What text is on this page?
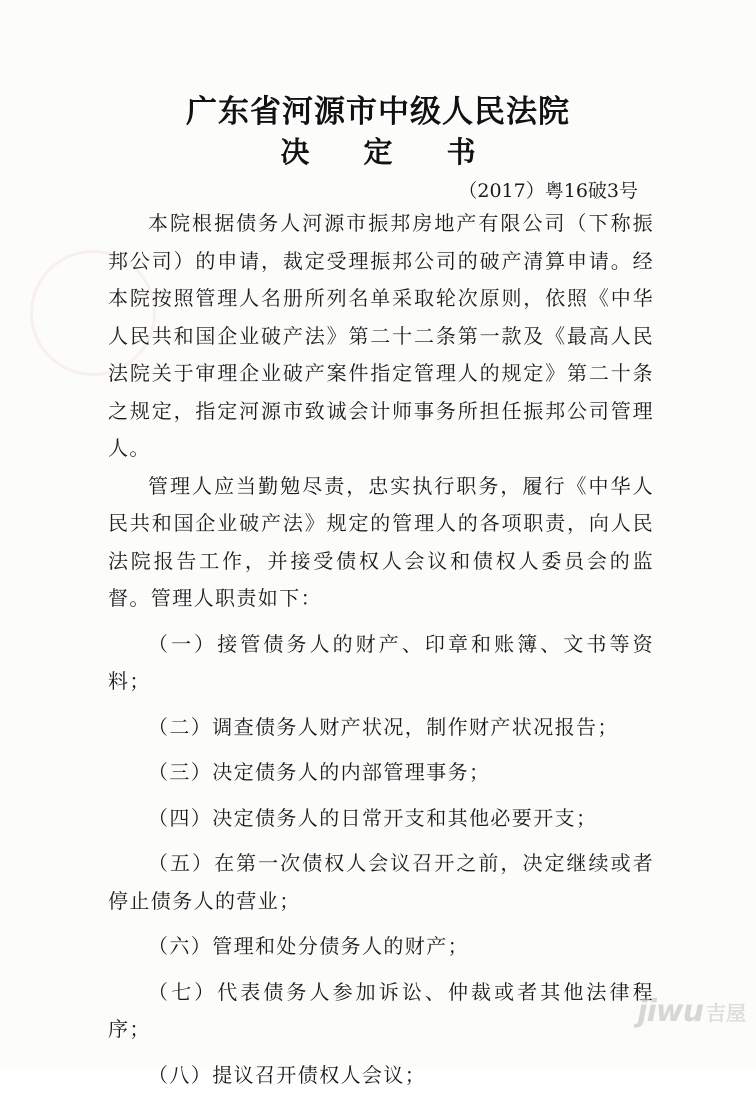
广东省河源市中级人民法院
决 定 书
（2017）粤16破3号

本院根据债务人河源市振邦房地产有限公司（下称振邦公司）的申请，裁定受理振邦公司的破产清算申请。经本院按照管理人名册所列名单采取轮次原则，依照《中华人民共和国企业破产法》第二十二条第一款及《最高人民法院关于审理企业破产案件指定管理人的规定》第二十条之规定，指定河源市致诚会计师事务所担任振邦公司管理人。

管理人应当勤勉尽责，忠实执行职务，履行《中华人民共和国企业破产法》规定的管理人的各项职责，向人民法院报告工作，并接受债权人会议和债权人委员会的监督。管理人职责如下：

（一）接管债务人的财产、印章和账簿、文书等资料；
（二）调查债务人财产状况，制作财产状况报告；
（三）决定债务人的内部管理事务；
（四）决定债务人的日常开支和其他必要开支；
（五）在第一次债权人会议召开之前，决定继续或者停止债务人的营业；
（六）管理和处分债务人的财产；
（七）代表债务人参加诉讼、仲裁或者其他法律程序；
（八）提议召开债权人会议；
jiwu 吉屋
